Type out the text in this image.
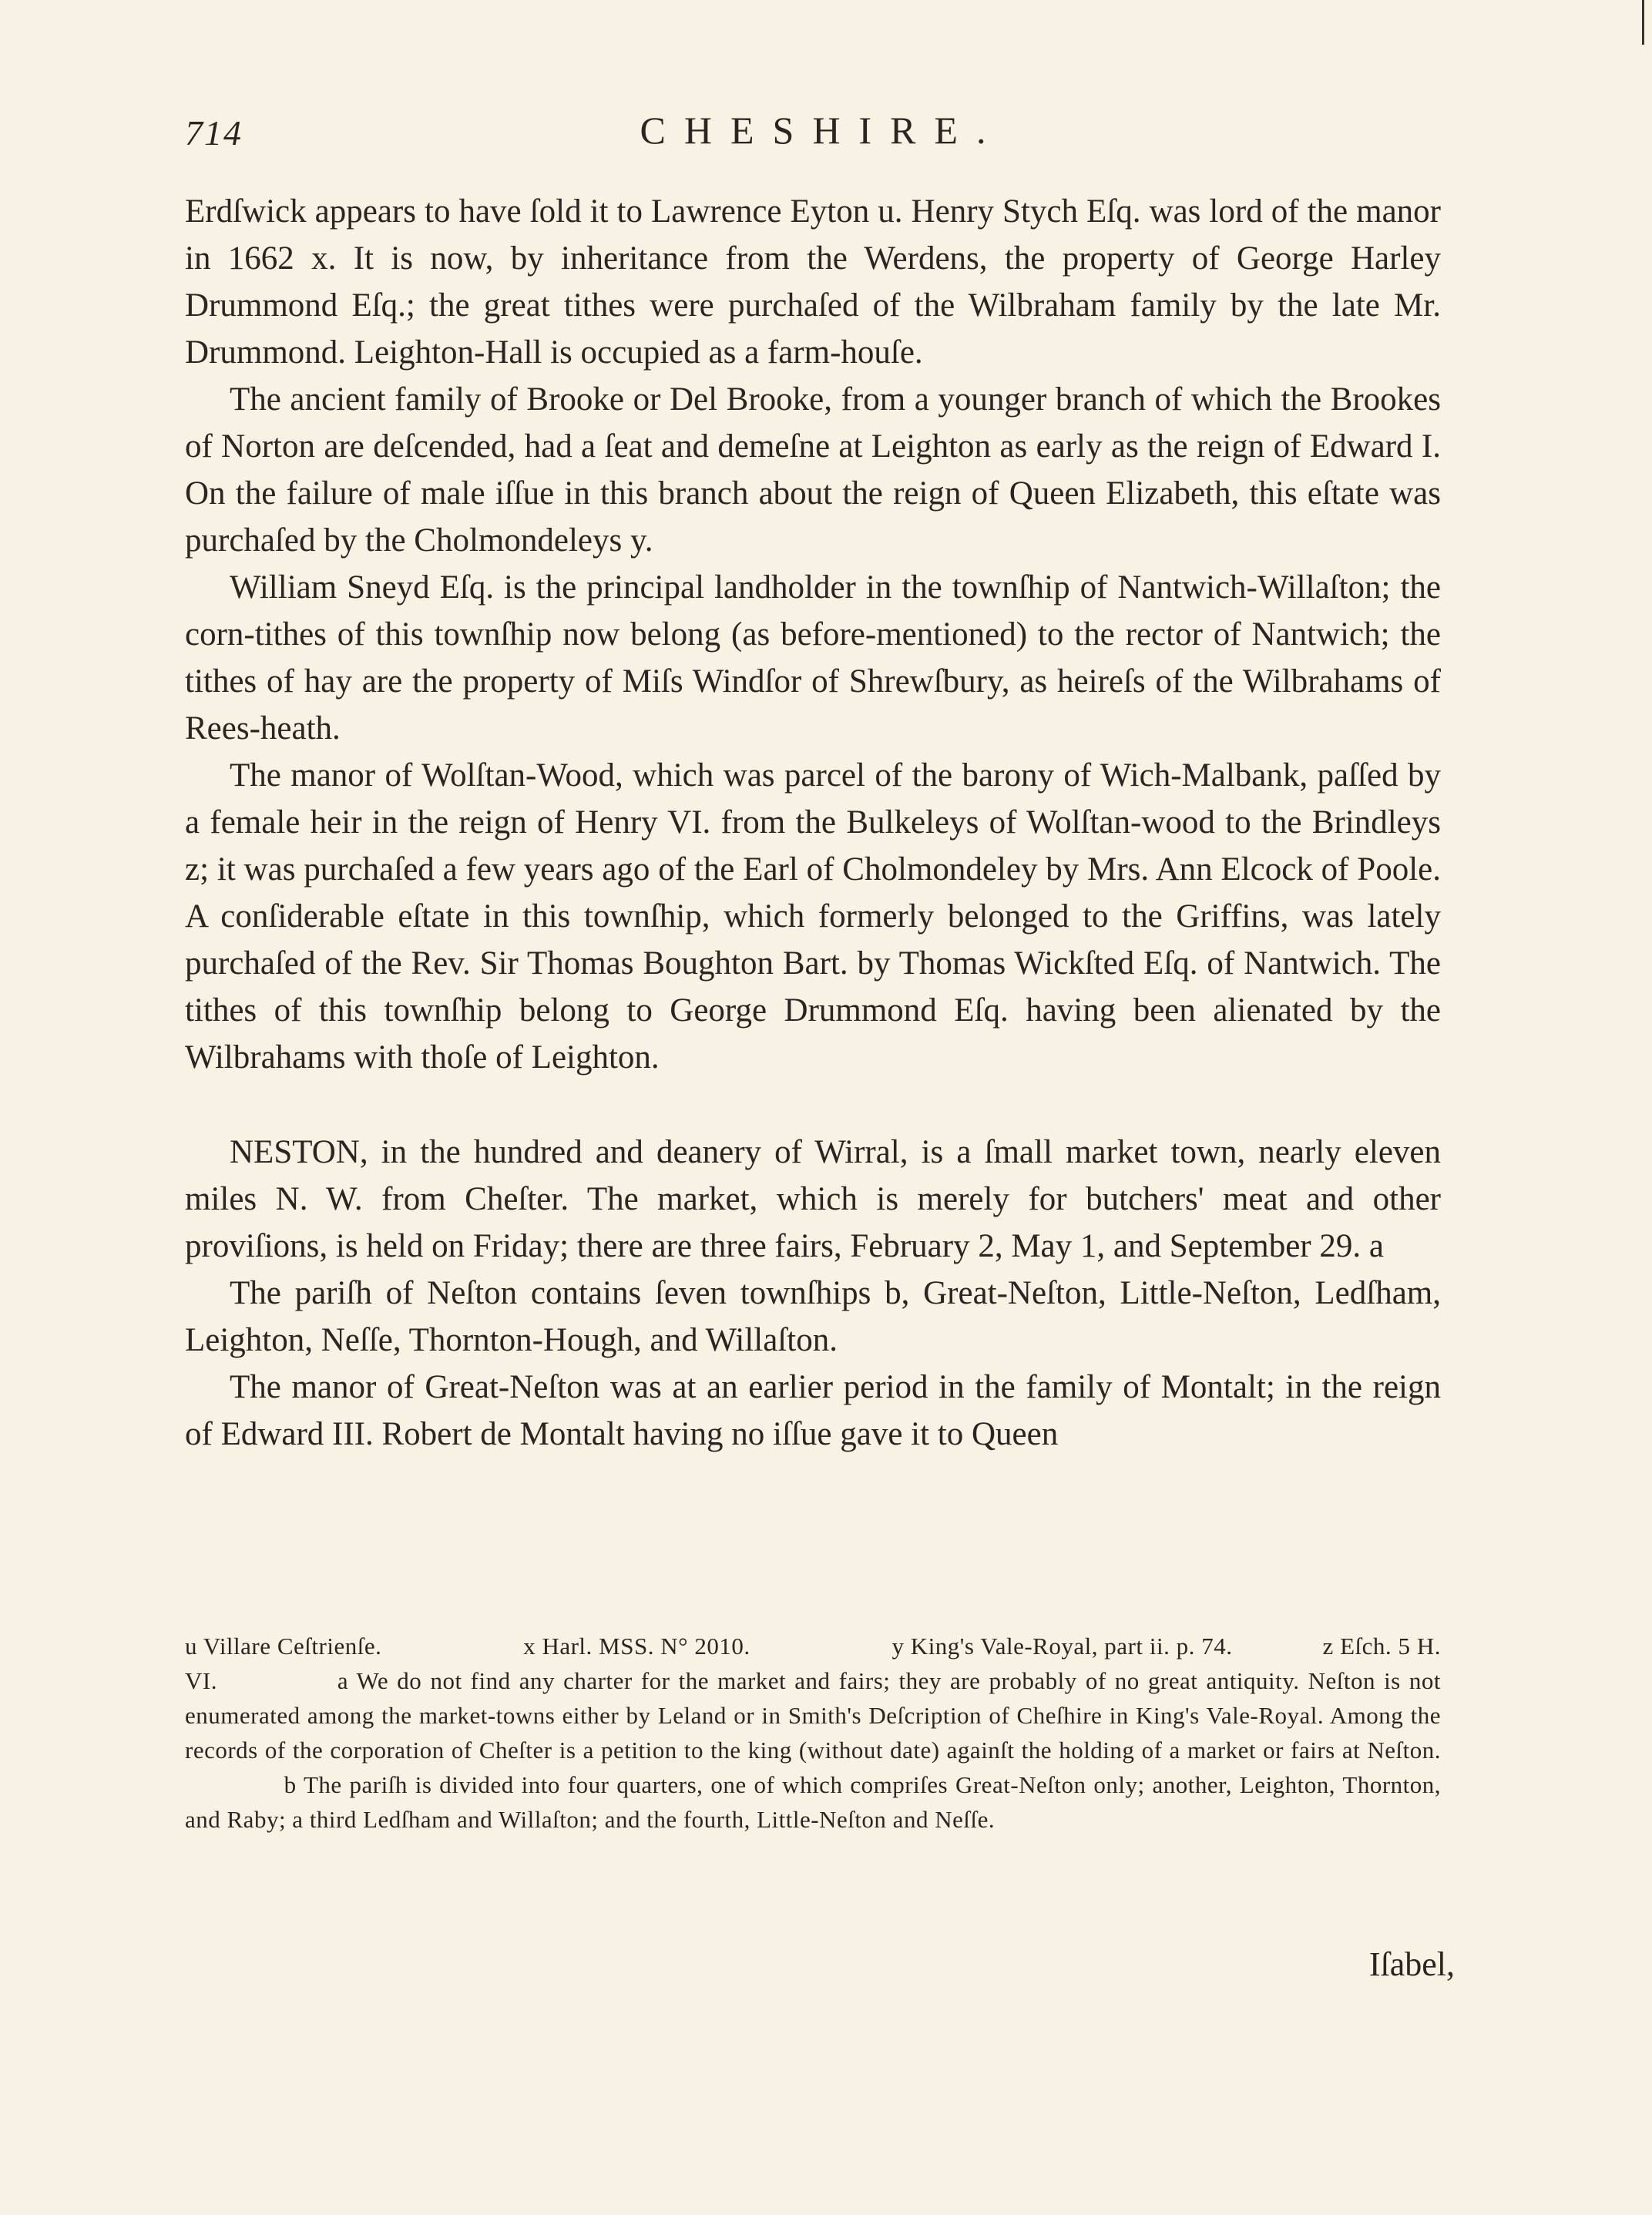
714	CHESHIRE.

Erdſwick appears to have ſold it to Lawrence Eyton u. Henry Stych Eſq. was lord of the manor in 1662 x. It is now, by inheritance from the Werdens, the property of George Harley Drummond Eſq.; the great tithes were purchaſed of the Wilbraham family by the late Mr. Drummond. Leighton-Hall is occupied as a farm-houſe.

The ancient family of Brooke or Del Brooke, from a younger branch of which the Brookes of Norton are deſcended, had a ſeat and demeſne at Leighton as early as the reign of Edward I. On the failure of male iſſue in this branch about the reign of Queen Elizabeth, this eſtate was purchaſed by the Cholmondeleys y.

William Sneyd Eſq. is the principal landholder in the townſhip of Nantwich-Willaſton; the corn-tithes of this townſhip now belong (as before-mentioned) to the rector of Nantwich; the tithes of hay are the property of Miſs Windſor of Shrewſbury, as heireſs of the Wilbrahams of Rees-heath.

The manor of Wolſtan-Wood, which was parcel of the barony of Wich-Malbank, paſſed by a female heir in the reign of Henry VI. from the Bulkeleys of Wolſtan-wood to the Brindleys z; it was purchaſed a few years ago of the Earl of Cholmondeley by Mrs. Ann Elcock of Poole. A conſiderable eſtate in this townſhip, which formerly belonged to the Griffins, was lately purchaſed of the Rev. Sir Thomas Boughton Bart. by Thomas Wickſted Eſq. of Nantwich. The tithes of this townſhip belong to George Drummond Eſq. having been alienated by the Wilbrahams with thoſe of Leighton.

NESTON, in the hundred and deanery of Wirral, is a ſmall market town, nearly eleven miles N. W. from Cheſter. The market, which is merely for butchers' meat and other proviſions, is held on Friday; there are three fairs, February 2, May 1, and September 29. a

The pariſh of Neſton contains ſeven townſhips b, Great-Neſton, Little-Neſton, Ledſham, Leighton, Neſſe, Thornton-Hough, and Willaſton.

The manor of Great-Neſton was at an earlier period in the family of Montalt; in the reign of Edward III. Robert de Montalt having no iſſue gave it to Queen

u Villare Ceſtrienſe.	x Harl. MSS. N° 2010.	y King's Vale-Royal, part ii. p. 74.	z Eſch. 5 H. VI.	a We do not find any charter for the market and fairs; they are probably of no great antiquity. Neſton is not enumerated among the market-towns either by Leland or in Smith's Deſcription of Cheſhire in King's Vale-Royal. Among the records of the corporation of Cheſter is a petition to the king (without date) againſt the holding of a market or fairs at Neſton.              b The pariſh is divided into four quarters, one of which compriſes Great-Neſton only; another, Leighton, Thornton, and Raby; a third Ledſham and Willaſton; and the fourth, Little-Neſton and Neſſe.

Iſabel,
